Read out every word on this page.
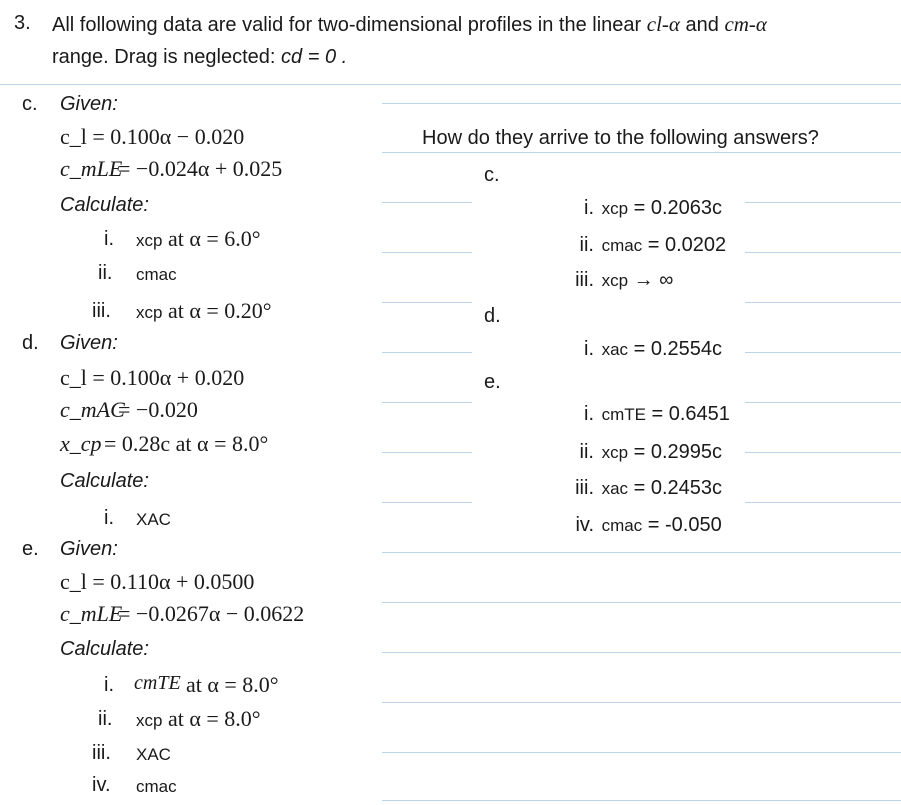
3. All following data are valid for two-dimensional profiles in the linear cl-α and cm-α
range. Drag is neglected: cd = 0 .
c. Given:
c_l = 0.100α − 0.020
c_mLE
= −0.024α + 0.025
Calculate:
i. xcp at α = 6.0°
ii. cmac
iii. xcp at α = 0.20°
d. Given:
c_l = 0.100α + 0.020
c_mAC
= −0.020
x_cp = 0.28c at α = 8.0°
Calculate:
i. XAC
e. Given:
c_l = 0.110α + 0.0500
c_mLE
= −0.0267α − 0.0622
Calculate:
i. cmTE at α = 8.0°
ii. xcp at α = 8.0°
iii. XAC
iv. cmac
How do they arrive to the following answers?
c.
i. xcp = 0.2063c
ii. cmac = 0.0202
iii. xcp → ∞
d.
i. xac = 0.2554c
e.
i. cmTE = 0.6451
ii. xcp = 0.2995c
iii. xac = 0.2453c
iv. cmac = -0.050
